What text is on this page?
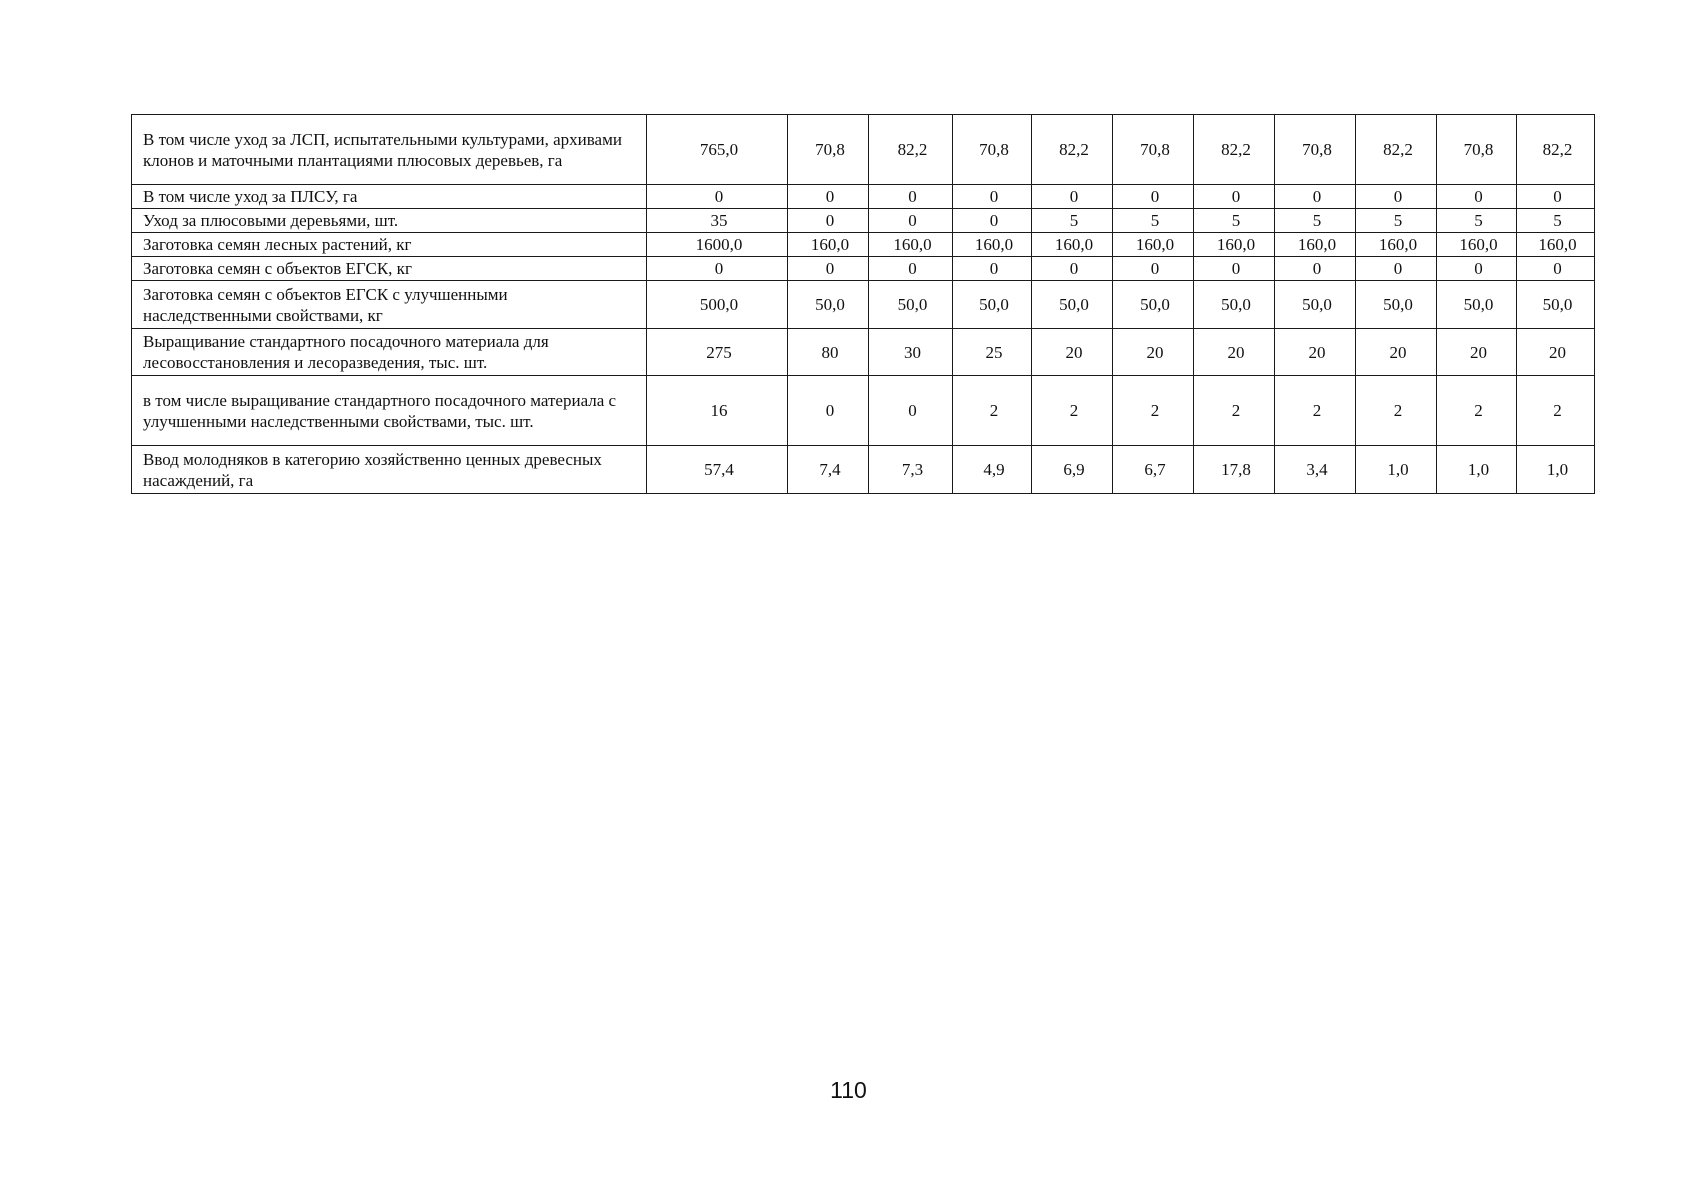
В том числе уход за ЛСП, испытательными культурами, архивами клонов и маточными плантациями плюсовых деревьев, га	765,0	70,8	82,2	70,8	82,2	70,8	82,2	70,8	82,2	70,8	82,2
В том числе уход за ПЛСУ, га	0	0	0	0	0	0	0	0	0	0	0
Уход за плюсовыми деревьями, шт.	35	0	0	0	5	5	5	5	5	5	5
Заготовка семян лесных растений, кг	1600,0	160,0	160,0	160,0	160,0	160,0	160,0	160,0	160,0	160,0	160,0
Заготовка семян с объектов ЕГСК, кг	0	0	0	0	0	0	0	0	0	0	0
Заготовка семян с объектов ЕГСК с улучшенными наследственными свойствами, кг	500,0	50,0	50,0	50,0	50,0	50,0	50,0	50,0	50,0	50,0	50,0
Выращивание стандартного посадочного материала для лесовосстановления и лесоразведения, тыс. шт.	275	80	30	25	20	20	20	20	20	20	20
в том числе выращивание стандартного посадочного материала с улучшенными наследственными свойствами, тыс. шт.	16	0	0	2	2	2	2	2	2	2	2
Ввод молодняков в категорию хозяйственно ценных древесных насаждений, га	57,4	7,4	7,3	4,9	6,9	6,7	17,8	3,4	1,0	1,0	1,0
110
